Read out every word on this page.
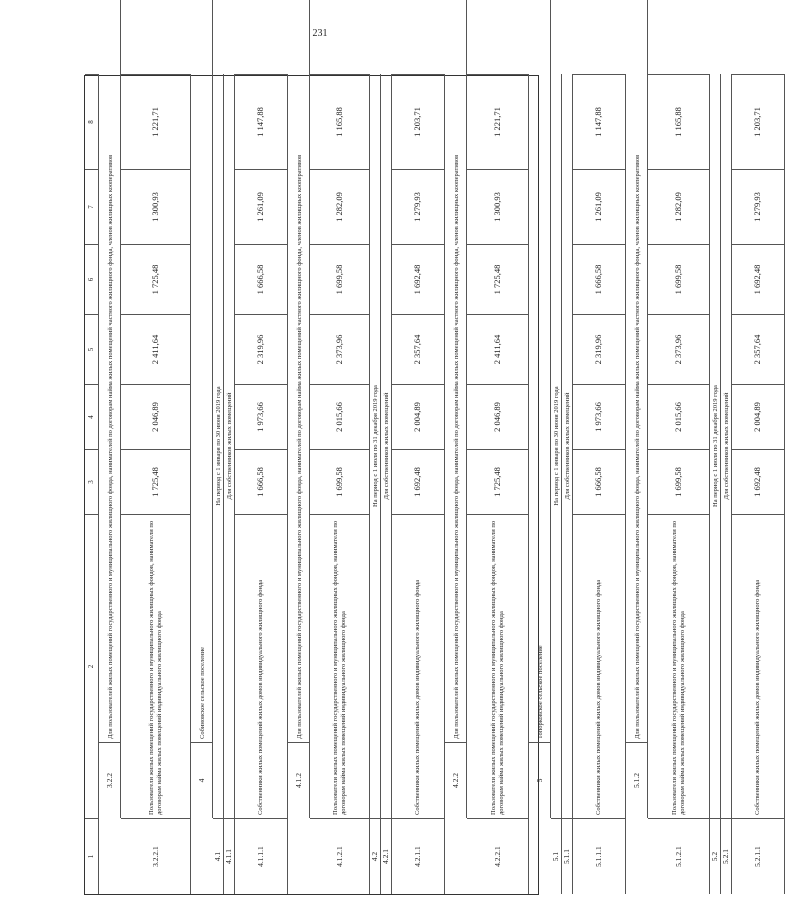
231
1
2
3
4
5
6
7
8
3.2.2
Для пользователей жилых помещений государственного и муниципального жилищного фонда, нанимателей по договорам найма жилых помещений частного жилищного фонда, членов жилищных кооперативов
3.2.2.1
Пользователи жилых помещений государственного и муниципального жилищных фондов, наниматели по договорам найма жилых помещений индивидуального жилищного фонда
1 725,48
2 046,89
2 411,64
1 725,48
1 300,93
1 221,71
4
Собиновское сельское поселение
4.1
На период с 1 января по 30 июня 2019 года
4.1.1
Для собственников жилых помещений
4.1.1.1
Собственники жилых помещений жилых домов индивидуального жилищного фонда
1 666,58
1 973,66
2 319,96
1 666,58
1 261,09
1 147,88
4.1.2
Для пользователей жилых помещений государственного и муниципального жилищного фонда, нанимателей по договорам найма жилых помещений частного жилищного фонда, членов жилищных кооперативов
4.1.2.1
Пользователи жилых помещений государственного и муниципального жилищных фондов, наниматели по договорам найма жилых помещений индивидуального жилищного фонда
1 699,58
2 015,66
2 373,96
1 699,58
1 282,09
1 165,88
4.2
На период с 1 июля по 31 декабря 2019 года
4.2.1
Для собственников жилых помещений
4.2.1.1
Собственники жилых помещений жилых домов индивидуального жилищного фонда
1 692,48
2 004,89
2 357,64
1 692,48
1 279,93
1 203,71
4.2.2
Для пользователей жилых помещений государственного и муниципального жилищного фонда, нанимателей по договорам найма жилых помещений частного жилищного фонда, членов жилищных кооперативов
4.2.2.1
Пользователи жилых помещений государственного и муниципального жилищных фондов, наниматели по договорам найма жилых помещений индивидуального жилищного фонда
1 725,48
2 046,89
2 411,64
1 725,48
1 300,93
1 221,71
5
Топорковское сельское поселение
5.1
На период с 1 января по 30 июня 2019 года
5.1.1
Для собственников жилых помещений
5.1.1.1
Собственники жилых помещений жилых домов индивидуального жилищного фонда
1 666,58
1 973,66
2 319,96
1 666,58
1 261,09
1 147,88
5.1.2
Для пользователей жилых помещений государственного и муниципального жилищного фонда, нанимателей по договорам найма жилых помещений частного жилищного фонда, членов жилищных кооперативов
5.1.2.1
Пользователи жилых помещений государственного и муниципального жилищных фондов, наниматели по договорам найма жилых помещений индивидуального жилищного фонда
1 699,58
2 015,66
2 373,96
1 699,58
1 282,09
1 165,88
5.2
На период с 1 июля по 31 декабря 2019 года
5.2.1
Для собственников жилых помещений
5.2.1.1
Собственники жилых помещений жилых домов индивидуального жилищного фонда
1 692,48
2 004,89
2 357,64
1 692,48
1 279,93
1 203,71
